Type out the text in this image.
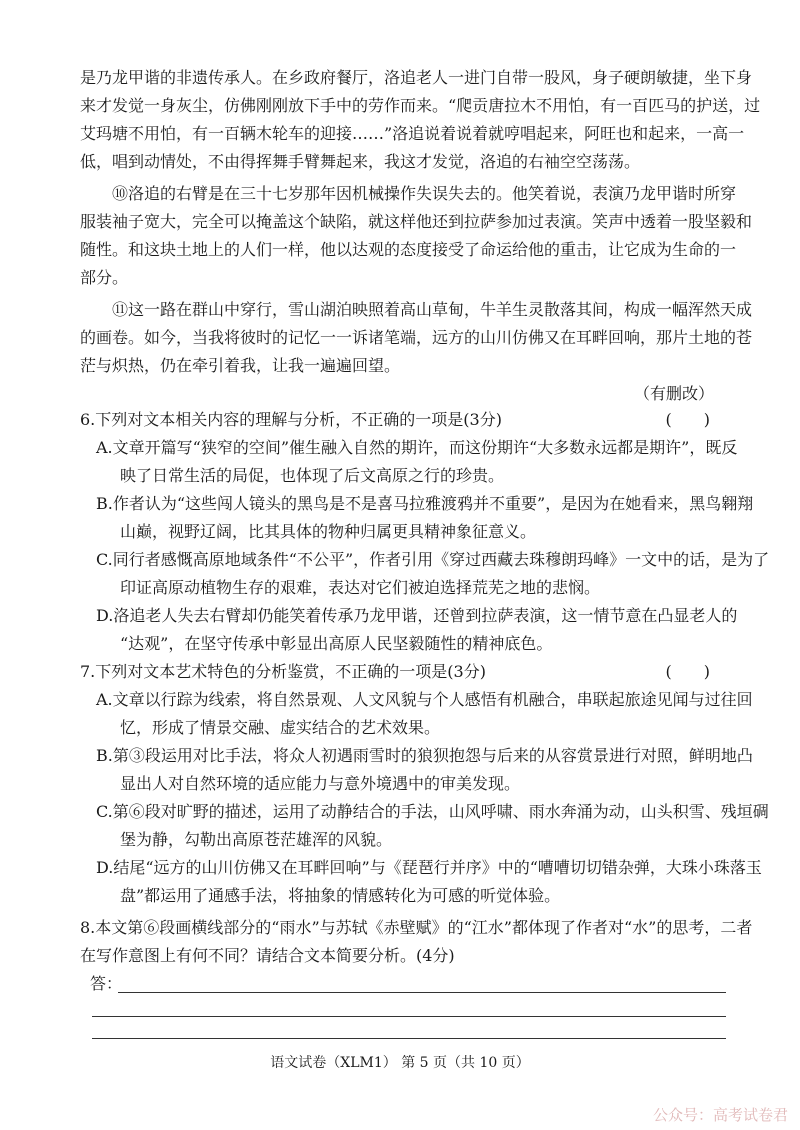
是乃龙甲谐的非遗传承人。在乡政府餐厅，洛追老人一进门自带一股风，身子硬朗敏捷，坐下身
来才发觉一身灰尘，仿佛刚刚放下手中的劳作而来。“爬贡唐拉木不用怕，有一百匹马的护送，过
艾玛塘不用怕，有一百辆木轮车的迎接……”洛追说着说着就哼唱起来，阿旺也和起来，一高一
低，唱到动情处，不由得挥舞手臂舞起来，我这才发觉，洛追的右袖空空荡荡。
⑩洛追的右臂是在三十七岁那年因机械操作失误失去的。他笑着说，表演乃龙甲谐时所穿
服装袖子宽大，完全可以掩盖这个缺陷，就这样他还到拉萨参加过表演。笑声中透着一股坚毅和
随性。和这块土地上的人们一样，他以达观的态度接受了命运给他的重击，让它成为生命的一
部分。
⑪这一路在群山中穿行，雪山湖泊映照着高山草甸，牛羊生灵散落其间，构成一幅浑然天成
的画卷。如今，当我将彼时的记忆一一诉诸笔端，远方的山川仿佛又在耳畔回响，那片土地的苍
茫与炽热，仍在牵引着我，让我一遍遍回望。
（有删改）
6.下列对文本相关内容的理解与分析，不正确的一项是(3分)	(　　)
A.文章开篇写“狭窄的空间”催生融入自然的期许，而这份期许“大多数永远都是期许”，既反
映了日常生活的局促，也体现了后文高原之行的珍贵。
B.作者认为“这些闯人镜头的黑鸟是不是喜马拉雅渡鸦并不重要”，是因为在她看来，黑鸟翱翔
山巅，视野辽阔，比其具体的物种归属更具精神象征意义。
C.同行者感慨高原地域条件“不公平”，作者引用《穿过西藏去珠穆朗玛峰》一文中的话，是为了
印证高原动植物生存的艰难，表达对它们被迫选择荒芜之地的悲悯。
D.洛追老人失去右臂却仍能笑着传承乃龙甲谐，还曾到拉萨表演，这一情节意在凸显老人的
“达观”，在坚守传承中彰显出高原人民坚毅随性的精神底色。
7.下列对文本艺术特色的分析鉴赏，不正确的一项是(3分)	(　　)
A.文章以行踪为线索，将自然景观、人文风貌与个人感悟有机融合，串联起旅途见闻与过往回
忆，形成了情景交融、虚实结合的艺术效果。
B.第③段运用对比手法，将众人初遇雨雪时的狼狈抱怨与后来的从容赏景进行对照，鲜明地凸
显出人对自然环境的适应能力与意外境遇中的审美发现。
C.第⑥段对旷野的描述，运用了动静结合的手法，山风呼啸、雨水奔涌为动，山头积雪、残垣碉
堡为静，勾勒出高原苍茫雄浑的风貌。
D.结尾“远方的山川仿佛又在耳畔回响”与《琵琶行并序》中的“嘈嘈切切错杂弹，大珠小珠落玉
盘”都运用了通感手法，将抽象的情感转化为可感的听觉体验。
8.本文第⑥段画横线部分的“雨水”与苏轼《赤壁赋》的“江水”都体现了作者对“水”的思考，二者
在写作意图上有何不同？请结合文本简要分析。(4分)
答：
语文试卷（XLM1） 第 5 页（共 10 页）
公众号：高考试卷君
